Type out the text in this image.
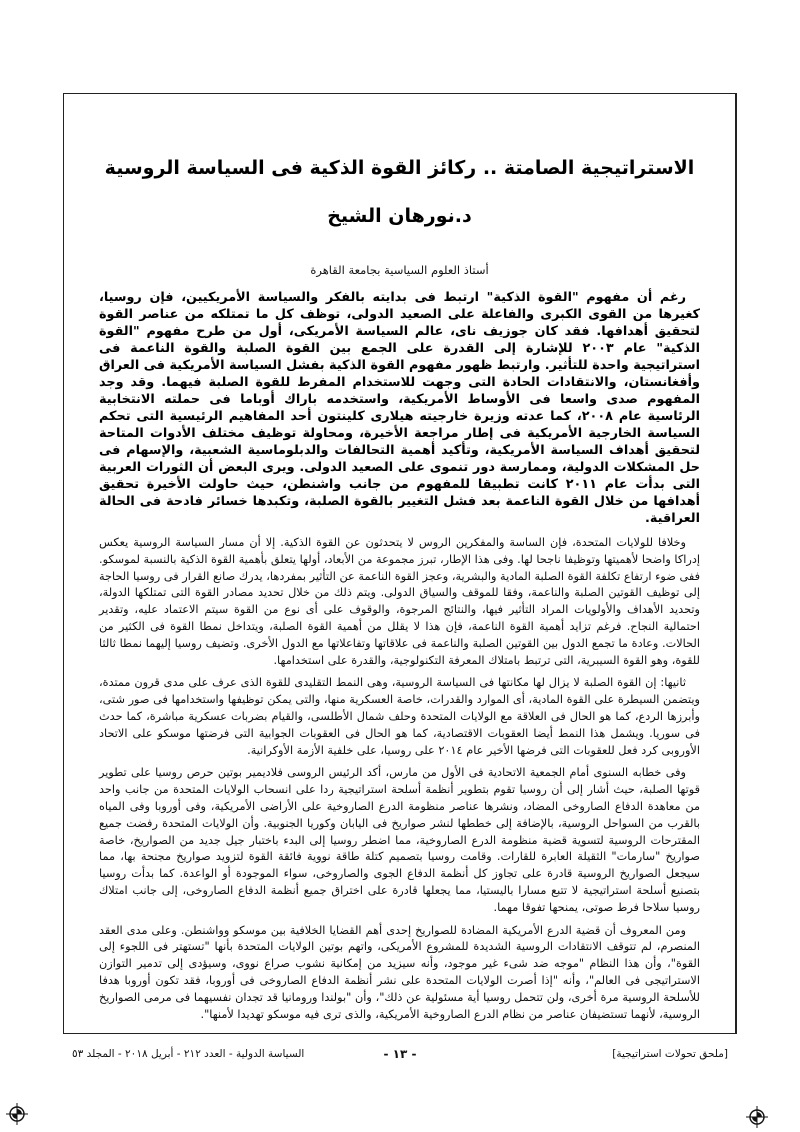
الاستراتيجية الصامتة .. ركائز القوة الذكية فى السياسة الروسية
د.نورهان الشيخ
أستاذ العلوم السياسية بجامعة القاهرة

رغم أن مفهوم "القوة الذكية" ارتبط فى بدايته بالفكر والسياسة الأمريكيين، فإن روسيا، كغيرها من القوى الكبرى والفاعلة على الصعيد الدولى، توظف كل ما تمتلكه من عناصر القوة لتحقيق أهدافها. فقد كان جوزيف ناى، عالم السياسة الأمريكى، أول من طرح مفهوم "القوة الذكية" عام ٢٠٠٣ للإشارة إلى القدرة على الجمع بين القوة الصلبة والقوة الناعمة فى استراتيجية واحدة للتأثير. وارتبط ظهور مفهوم القوة الذكية بفشل السياسة الأمريكية فى العراق وأفغانستان، والانتقادات الحادة التى وجهت للاستخدام المفرط للقوة الصلبة فيهما. وقد وجد المفهوم صدى واسعا فى الأوساط الأمريكية، واستخدمه باراك أوباما فى حملته الانتخابية الرئاسية عام ٢٠٠٨، كما عدته وزيرة خارجيته هيلارى كلينتون أحد المفاهيم الرئيسية التى تحكم السياسة الخارجية الأمريكية فى إطار مراجعة الأخيرة، ومحاولة توظيف مختلف الأدوات المتاحة لتحقيق أهداف السياسة الأمريكية، وتأكيد أهمية التحالفات والدبلوماسية الشعبية، والإسهام فى حل المشكلات الدولية، وممارسة دور تنموى على الصعيد الدولى. ويرى البعض أن الثورات العربية التى بدأت عام ٢٠١١ كانت تطبيقا للمفهوم من جانب واشنطن، حيث حاولت الأخيرة تحقيق أهدافها من خلال القوة الناعمة بعد فشل التغيير بالقوة الصلبة، وتكبدها خسائر فادحة فى الحالة العراقية.

وخلافا للولايات المتحدة، فإن الساسة والمفكرين الروس لا يتحدثون عن القوة الذكية. إلا أن مسار السياسة الروسية يعكس إدراكا واضحا لأهميتها وتوظيفا ناجحا لها. وفى هذا الإطار، تبرز مجموعة من الأبعاد، أولها يتعلق بأهمية القوة الذكية بالنسبة لموسكو. ففى ضوء ارتفاع تكلفة القوة الصلبة المادية والبشرية، وعجز القوة الناعمة عن التأثير بمفردها، يدرك صانع القرار فى روسيا الحاجة إلى توظيف القوتين الصلبة والناعمة، وفقا للموقف والسياق الدولى. ويتم ذلك من خلال تحديد مصادر القوة التى تمتلكها الدولة، وتحديد الأهداف والأولويات المراد التأثير فيها، والنتائج المرجوة، والوقوف على أى نوع من القوة سيتم الاعتماد عليه، وتقدير احتمالية النجاح. فرغم تزايد أهمية القوة الناعمة، فإن هذا لا يقلل من أهمية القوة الصلبة، ويتداخل نمطا القوة فى الكثير من الحالات. وعادة ما تجمع الدول بين القوتين الصلبة والناعمة فى علاقاتها وتفاعلاتها مع الدول الأخرى. وتضيف روسيا إليهما نمطا ثالثا للقوة، وهو القوة السيبرية، التى ترتبط بامتلاك المعرفة التكنولوجية، والقدرة على استخدامها.

ثانيها: إن القوة الصلبة لا يزال لها مكانتها فى السياسة الروسية، وهى النمط التقليدى للقوة الذى عرف على مدى قرون ممتدة، ويتضمن السيطرة على القوة المادية، أى الموارد والقدرات، خاصة العسكرية منها، والتى يمكن توظيفها واستخدامها فى صور شتى، وأبرزها الردع، كما هو الحال فى العلاقة مع الولايات المتحدة وحلف شمال الأطلسى، والقيام بضربات عسكرية مباشرة، كما حدث فى سوريا. ويشمل هذا النمط أيضا العقوبات الاقتصادية، كما هو الحال فى العقوبات الجوابية التى فرضتها موسكو على الاتحاد الأوروبى كرد فعل للعقوبات التى فرضها الأخير عام ٢٠١٤ على روسيا، على خلفية الأزمة الأوكرانية.

وفى خطابه السنوى أمام الجمعية الاتحادية فى الأول من مارس، أكد الرئيس الروسى فلاديمير بوتين حرص روسيا على تطوير قوتها الصلبة، حيث أشار إلى أن روسيا تقوم بتطوير أنظمة أسلحة استراتيجية ردا على انسحاب الولايات المتحدة من جانب واحد من معاهدة الدفاع الصاروخى المضاد، ونشرها عناصر منظومة الدرع الصاروخية على الأراضى الأمريكية، وفى أوروبا وفى المياه بالقرب من السواحل الروسية، بالإضافة إلى خططها لنشر صواريخ فى اليابان وكوريا الجنوبية. وأن الولايات المتحدة رفضت جميع المقترحات الروسية لتسوية قضية منظومة الدرع الصاروخية، مما اضطر روسيا إلى البدء باختبار جيل جديد من الصواريخ، خاصة صواريخ "سارمات" الثقيلة العابرة للقارات. وقامت روسيا بتصميم كتلة طاقة نووية فائقة القوة لتزويد صواريخ مجنحة بها، مما سيجعل الصواريخ الروسية قادرة على تجاوز كل أنظمة الدفاع الجوى والصاروخى، سواء الموجودة أو الواعدة. كما بدأت روسيا بتصنيع أسلحة استراتيجية لا تتبع مسارا باليستيا، مما يجعلها قادرة على اختراق جميع أنظمة الدفاع الصاروخى، إلى جانب امتلاك روسيا سلاحا فرط صوتى، يمنحها تفوقا مهما.

ومن المعروف أن قضية الدرع الأمريكية المضادة للصواريخ إحدى أهم القضايا الخلافية بين موسكو وواشنطن. وعلى مدى العقد المنصرم، لم تتوقف الانتقادات الروسية الشديدة للمشروع الأمريكى، واتهم بوتين الولايات المتحدة بأنها "تستهتر فى اللجوء إلى القوة"، وأن هذا النظام "موجه ضد شىء غير موجود، وأنه سيزيد من إمكانية نشوب صراع نووى، وسيؤدى إلى تدمير التوازن الاستراتيجى فى العالم"، وأنه "إذا أصرت الولايات المتحدة على نشر أنظمة الدفاع الصاروخى فى أوروبا، فقد تكون أوروبا هدفا للأسلحة الروسية مرة أخرى، ولن تتحمل روسيا أية مسئولية عن ذلك"، وأن "بولندا ورومانيا قد تجدان نفسيهما فى مرمى الصواريخ الروسية، لأنهما تستضيفان عناصر من نظام الدرع الصاروخية الأمريكية، والذى ترى فيه موسكو تهديدا لأمنها".

[ملحق تحولات استراتيجية]
- ١٣ -
السياسة الدولية - العدد ٢١٢ - أبريل ٢٠١٨ - المجلد ٥٣
